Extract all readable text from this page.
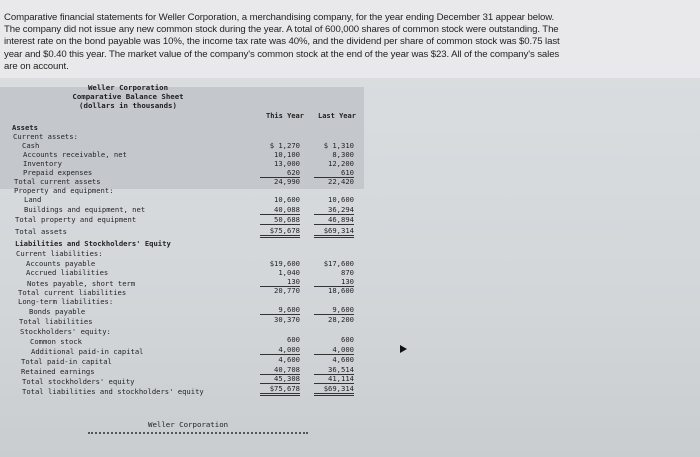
Comparative financial statements for Weller Corporation, a merchandising company, for the year ending December 31 appear below.
The company did not issue any new common stock during the year. A total of 600,000 shares of common stock were outstanding. The
interest rate on the bond payable was 10%, the income tax rate was 40%, and the dividend per share of common stock was $0.75 last
year and $0.40 this year. The market value of the company's common stock at the end of the year was $23. All of the company's sales
are on account.
Weller Corporation
Comparative Balance Sheet
(dollars in thousands)
This Year Last Year
Assets
Current assets:
Cash
Accounts receivable, net
Inventory
Prepaid expenses
Total current assets
Property and equipment:
Land
Buildings and equipment, net
Total property and equipment
Total assets
Liabilities and Stockholders' Equity
Current liabilities:
Accounts payable
Accrued liabilities
Notes payable, short term
Total current liabilities
Long-term liabilities:
Bonds payable
Total liabilities
Stockholders' equity:
Common stock
Additional paid-in capital
Total paid-in capital
Retained earnings
Total stockholders' equity
Total liabilities and stockholders' equity
$ 1,270
10,100
13,000
620
24,990
10,600
40,088
50,688
$75,678
$19,600
1,040
130
20,770
9,600
30,370
600
4,000
4,600
40,708
45,308
$75,678
$ 1,310
8,300
12,200
610
22,420
10,600
36,294
46,894
$69,314
$17,600
870
130
18,600
9,600
28,200
600
4,000
4,600
36,514
41,114
$69,314
Weller Corporation
